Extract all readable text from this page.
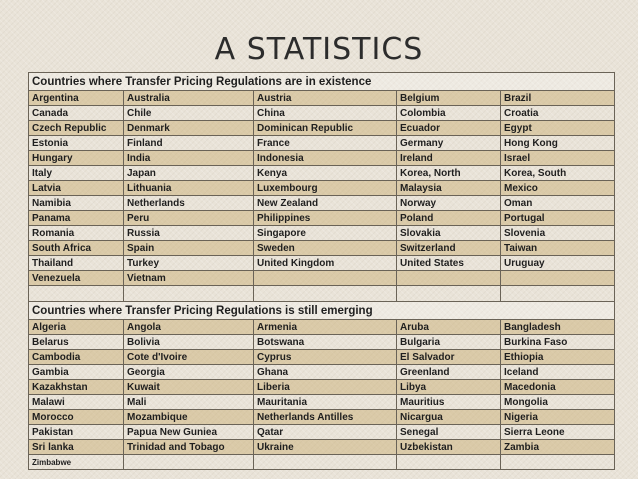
A STATISTICS
Countries where Transfer Pricing Regulations are in existence				
Argentina	Australia	Austria	Belgium	Brazil
Canada	Chile	China	Colombia	Croatia
Czech Republic	Denmark	Dominican Republic	Ecuador	Egypt
Estonia	Finland	France	Germany	Hong Kong
Hungary	India	Indonesia	Ireland	Israel
Italy	Japan	Kenya	Korea, North	Korea, South
Latvia	Lithuania	Luxembourg	Malaysia	Mexico
Namibia	Netherlands	New Zealand	Norway	Oman
Panama	Peru	Philippines	Poland	Portugal
Romania	Russia	Singapore	Slovakia	Slovenia
South Africa	Spain	Sweden	Switzerland	Taiwan
Thailand	Turkey	United Kingdom	United States	Uruguay
Venezuela	Vietnam			

Countries where Transfer Pricing Regulations is still emerging				
Algeria	Angola	Armenia	Aruba	Bangladesh
Belarus	Bolivia	Botswana	Bulgaria	Burkina Faso
Cambodia	Cote d'Ivoire	Cyprus	El Salvador	Ethiopia
Gambia	Georgia	Ghana	Greenland	Iceland
Kazakhstan	Kuwait	Liberia	Libya	Macedonia
Malawi	Mali	Mauritania	Mauritius	Mongolia
Morocco	Mozambique	Netherlands Antilles	Nicargua	Nigeria
Pakistan	Papua New Guniea	Qatar	Senegal	Sierra Leone
Sri lanka	Trinidad and Tobago	Ukraine	Uzbekistan	Zambia
Zimbabwe				
